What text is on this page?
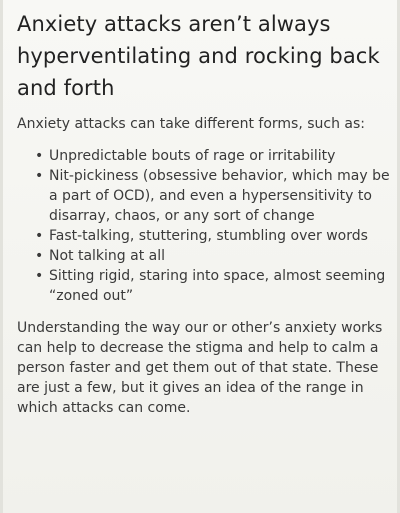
Anxiety attacks aren’t always hyperventilating and rocking back and forth

Anxiety attacks can take different forms, such as:

• Unpredictable bouts of rage or irritability
• Nit-pickiness (obsessive behavior, which may be a part of OCD), and even a hypersensitivity to disarray, chaos, or any sort of change
• Fast-talking, stuttering, stumbling over words
• Not talking at all
• Sitting rigid, staring into space, almost seeming “zoned out”

Understanding the way our or other’s anxiety works can help to decrease the stigma and help to calm a person faster and get them out of that state. These are just a few, but it gives an idea of the range in which attacks can come.
